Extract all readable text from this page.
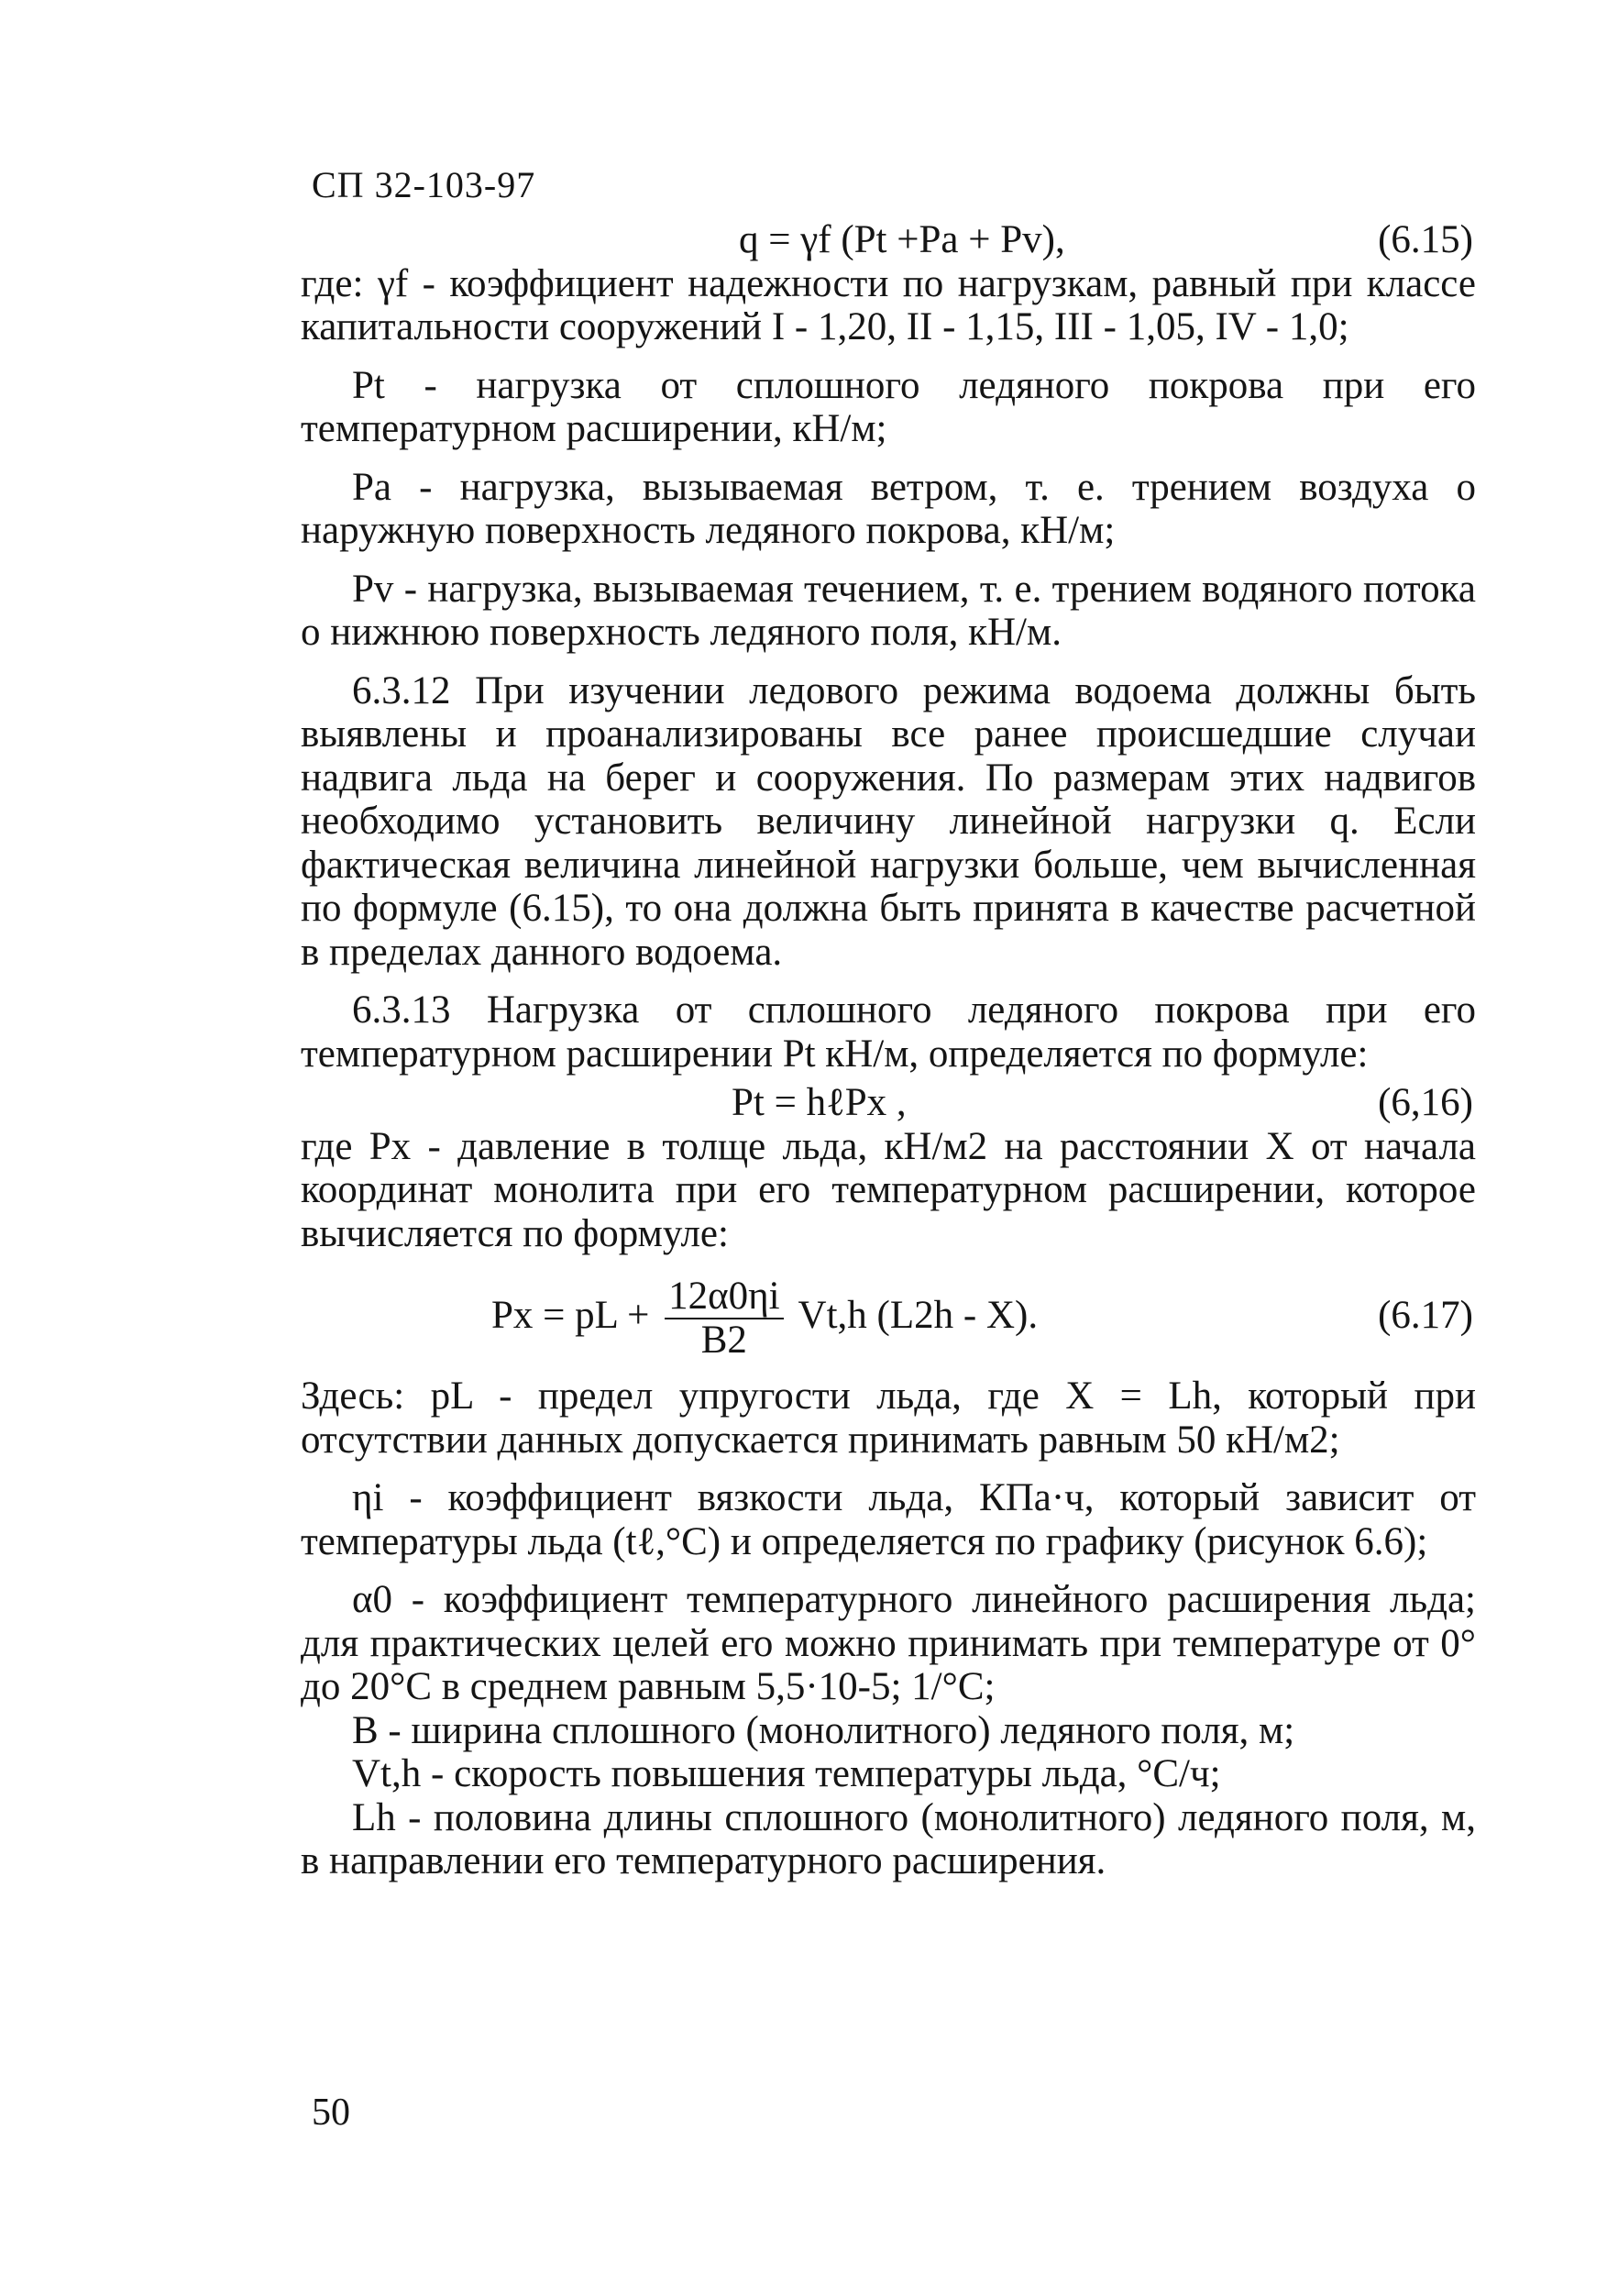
СП 32-103-97
q = γf (Pt +Pa + Pv),	(6.15)

где: γf - коэффициент надежности по нагрузкам, равный при классе капитальности сооружений I - 1,20, II - 1,15, III - 1,05, IV - 1,0;

Pt - нагрузка от сплошного ледяного покрова при его температурном расширении, кН/м;

Pa - нагрузка, вызываемая ветром, т. е. трением воздуха о наружную поверхность ледяного покрова, кН/м;

Pv - нагрузка, вызываемая течением, т. е. трением водяного потока о нижнюю поверхность ледяного поля, кН/м.

6.3.12 При изучении ледового режима водоема должны быть выявлены и проанализированы все ранее происшедшие случаи надвига льда на берег и сооружения. По размерам этих надвигов необходимо установить величину линейной нагрузки q. Если фактическая величина линейной нагрузки больше, чем вычисленная по формуле (6.15), то она должна быть принята в качестве расчетной в пределах данного водоема.

6.3.13 Нагрузка от сплошного ледяного покрова при его температурном расширении Pt кН/м, определяется по формуле:

Pt = hℓPx ,	(6,16)

где Px - давление в толще льда, кН/м2 на расстоянии X от начала координат монолита при его температурном расширении, которое вычисляется по формуле:

Px = pL + $\frac{12\alpha 0\eta i}{B2} Vt,h$ (L2h - X).	(6.17)

Здесь: pL - предел упругости льда, где X = Lh, который при отсутствии данных допускается принимать равным 50 кН/м2;

ηi - коэффициент вязкости льда, КПа·ч, который зависит от температуры льда (tℓ,°С) и определяется по графику (рисунок 6.6);

α0 - коэффициент температурного линейного расширения льда; для практических целей его можно принимать при температуре от 0° до 20°С в среднем равным 5,5·10-5; 1/°С;

B - ширина сплошного (монолитного) ледяного поля, м;

Vt,h - скорость повышения температуры льда, °С/ч;

Lh - половина длины сплошного (монолитного) ледяного поля, м, в направлении его температурного расширения.

50
